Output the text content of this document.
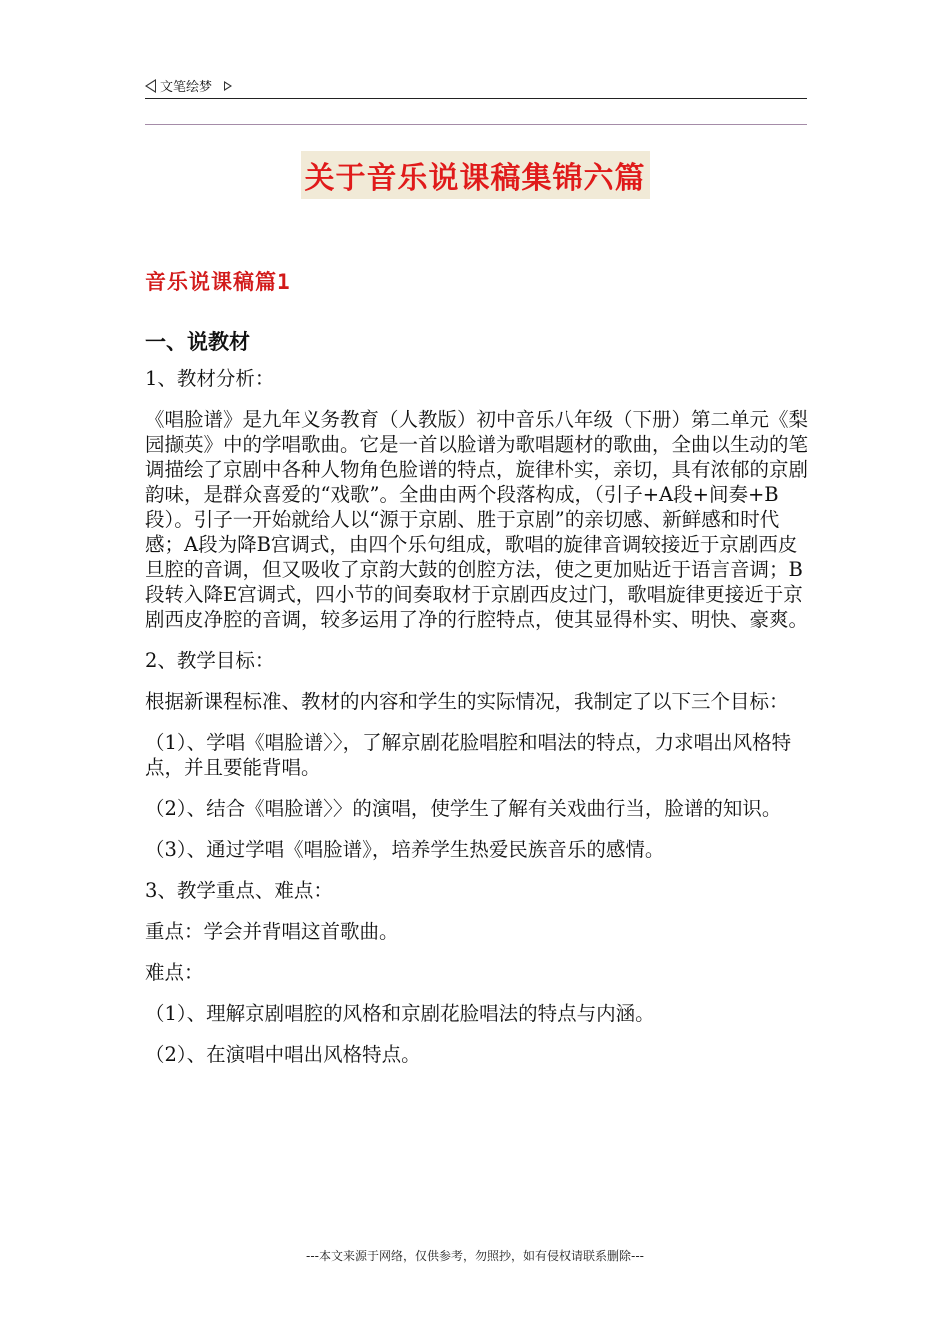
文笔绘梦
关于音乐说课稿集锦六篇
音乐说课稿篇1
一、说教材

1、教材分析：

《唱脸谱》是九年义务教育（人教版）初中音乐八年级（下册）第二单元《梨园撷英》中的学唱歌曲。它是一首以脸谱为歌唱题材的歌曲，全曲以生动的笔调描绘了京剧中各种人物角色脸谱的特点，旋律朴实，亲切，具有浓郁的京剧韵味，是群众喜爱的“戏歌”。全曲由两个段落构成，（引子+A段+间奏+B段）。引子一开始就给人以“源于京剧、胜于京剧”的亲切感、新鲜感和时代感；A段为降B宫调式，由四个乐句组成，歌唱的旋律音调较接近于京剧西皮旦腔的音调，但又吸收了京韵大鼓的创腔方法，使之更加贴近于语言音调；B段转入降E宫调式，四小节的间奏取材于京剧西皮过门，歌唱旋律更接近于京剧西皮净腔的音调，较多运用了净的行腔特点，使其显得朴实、明快、豪爽。

2、教学目标：

根据新课程标准、教材的内容和学生的实际情况，我制定了以下三个目标：

（1）、学唱《唱脸谱〉〉，了解京剧花脸唱腔和唱法的特点，力求唱出风格特点，并且要能背唱。

（2）、结合《唱脸谱〉〉的演唱，使学生了解有关戏曲行当，脸谱的知识。

（3）、通过学唱《唱脸谱》，培养学生热爱民族音乐的感情。

3、教学重点、难点：

重点：学会并背唱这首歌曲。

难点：

（1）、理解京剧唱腔的风格和京剧花脸唱法的特点与内涵。

（2）、在演唱中唱出风格特点。

---本文来源于网络，仅供参考，勿照抄，如有侵权请联系删除---
